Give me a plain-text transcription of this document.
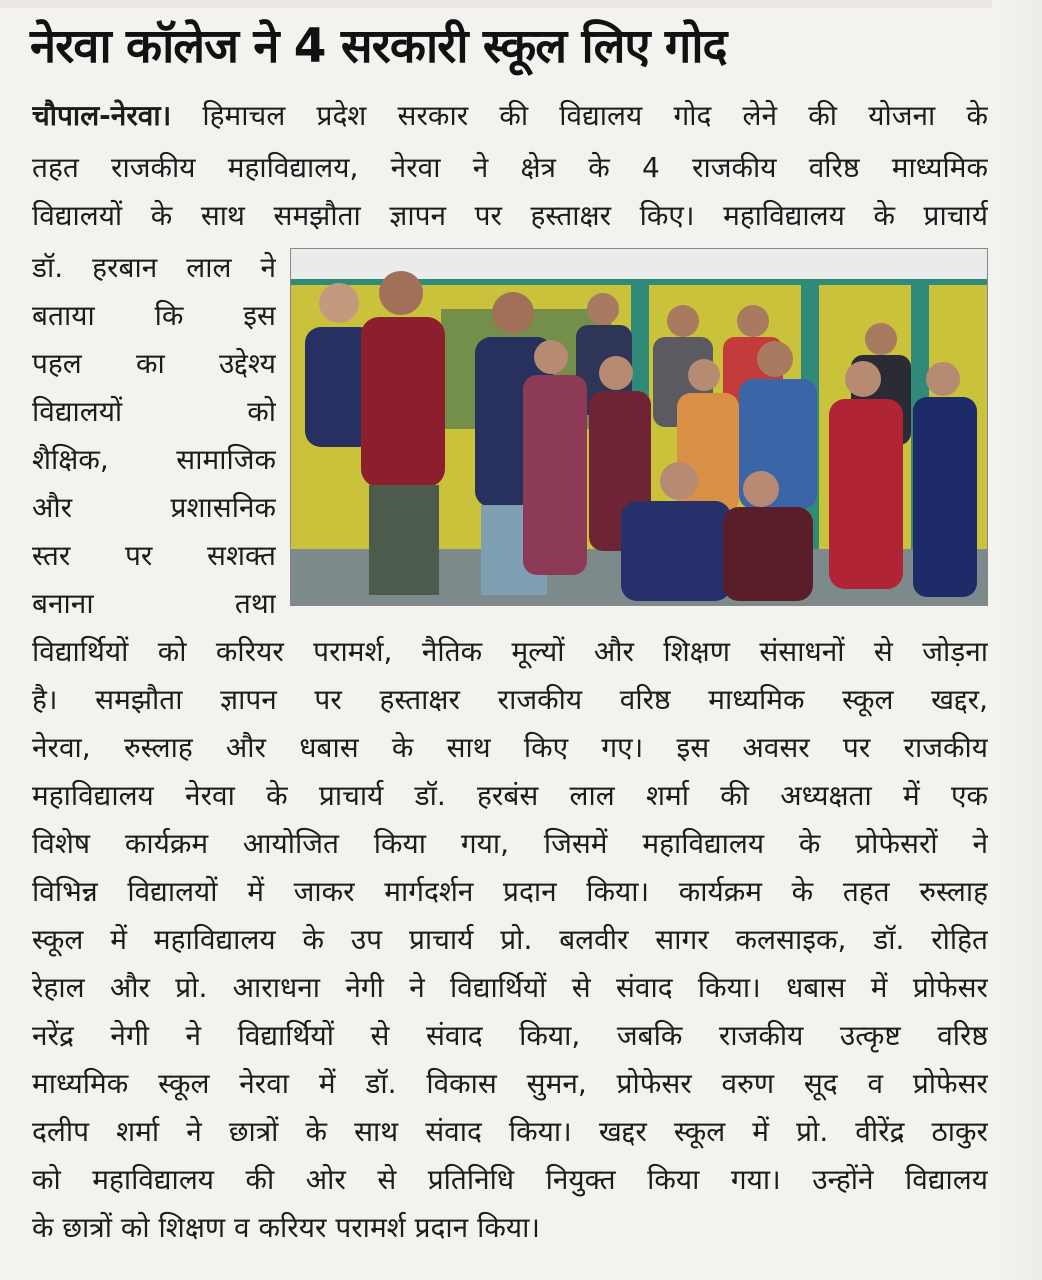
नेरवा कॉलेज ने 4 सरकारी स्कूल लिए गोद
चौपाल-नेरवा। हिमाचल प्रदेश सरकार की विद्यालय गोद लेने की योजना के
तहत राजकीय महाविद्यालय, नेरवा ने क्षेत्र के 4 राजकीय वरिष्ठ माध्यमिक
विद्यालयों के साथ समझौता ज्ञापन पर हस्ताक्षर किए। महाविद्यालय के प्राचार्य
डॉ. हरबान लाल ने
बताया कि इस
पहल का उद्देश्य
विद्यालयों को
शैक्षिक, सामाजिक
और प्रशासनिक
स्तर पर सशक्त
बनाना तथा
विद्यार्थियों को करियर परामर्श, नैतिक मूल्यों और शिक्षण संसाधनों से जोड़ना
है। समझौता ज्ञापन पर हस्ताक्षर राजकीय वरिष्ठ माध्यमिक स्कूल खद्दर,
नेरवा, रुस्लाह और धबास के साथ किए गए। इस अवसर पर राजकीय
महाविद्यालय नेरवा के प्राचार्य डॉ. हरबंस लाल शर्मा की अध्यक्षता में एक
विशेष कार्यक्रम आयोजित किया गया, जिसमें महाविद्यालय के प्रोफेसरों ने
विभिन्न विद्यालयों में जाकर मार्गदर्शन प्रदान किया। कार्यक्रम के तहत रुस्लाह
स्कूल में महाविद्यालय के उप प्राचार्य प्रो. बलवीर सागर कलसाइक, डॉ. रोहित
रेहाल और प्रो. आराधना नेगी ने विद्यार्थियों से संवाद किया। धबास में प्रोफेसर
नरेंद्र नेगी ने विद्यार्थियों से संवाद किया, जबकि राजकीय उत्कृष्ट वरिष्ठ
माध्यमिक स्कूल नेरवा में डॉ. विकास सुमन, प्रोफेसर वरुण सूद व प्रोफेसर
दलीप शर्मा ने छात्रों के साथ संवाद किया। खद्दर स्कूल में प्रो. वीरेंद्र ठाकुर
को महाविद्यालय की ओर से प्रतिनिधि नियुक्त किया गया। उन्होंने विद्यालय
के छात्रों को शिक्षण व करियर परामर्श प्रदान किया।
